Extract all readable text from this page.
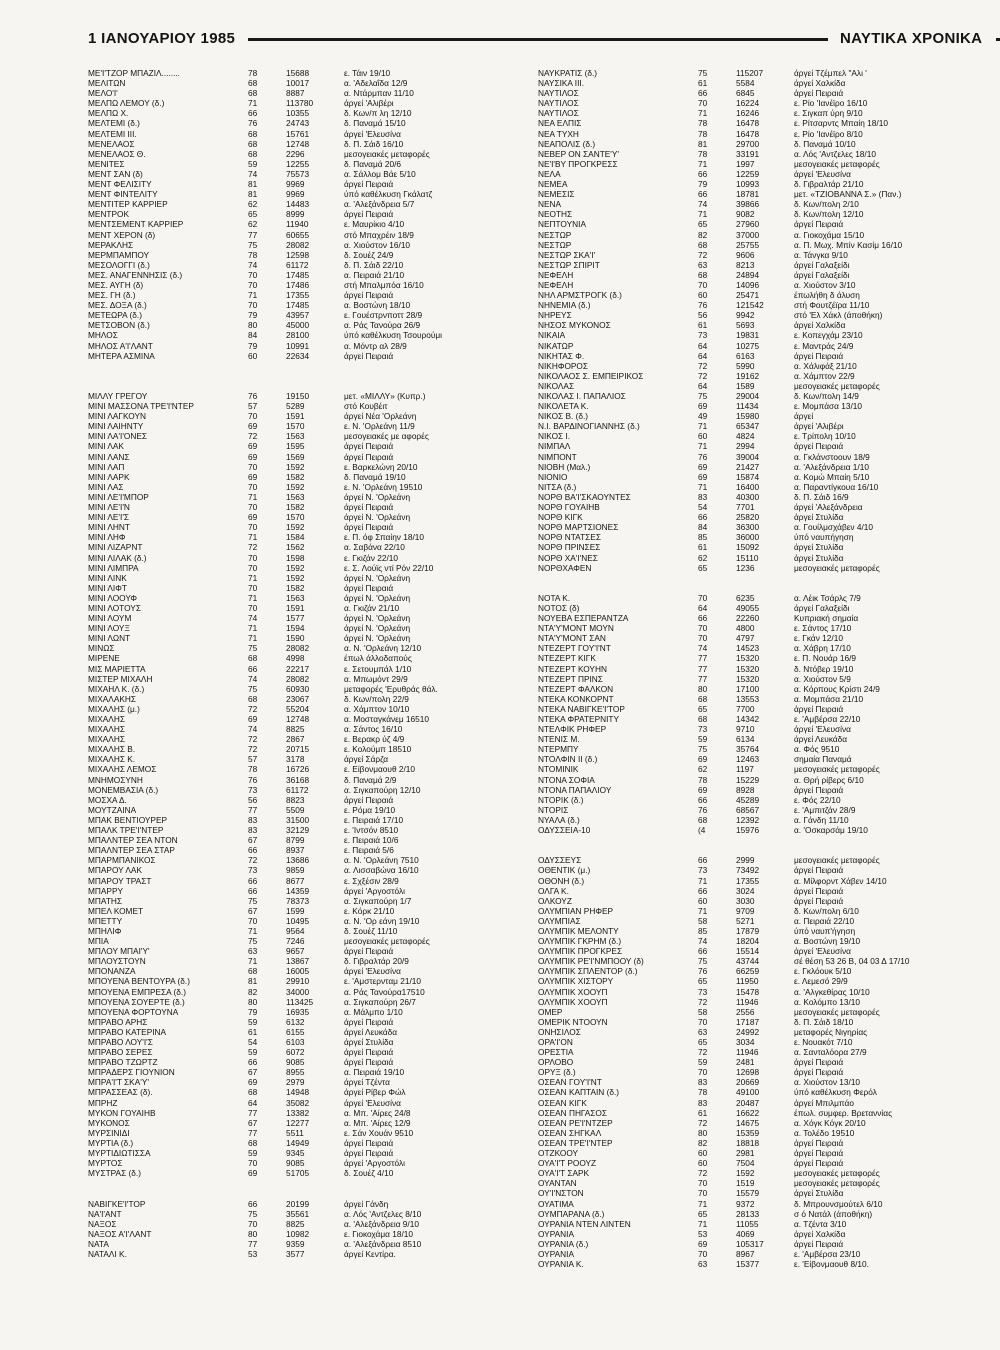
1 ΙΑΝΟΥΑΡΙΟΥ 1985	ΝΑΥΤΙΚΑ ΧΡΟΝΙΚΑ
ΜΕ'Ι'ΤΖΟΡ ΜΠΑΖΙΛ........	78	15688	ε. Τάιν 19/10
ΜΕΛΙΤΩΝ	68	10017	α. 'Αδελαΐδα 12/9
ΜΕΛΟ'Ι'	68	8887	α. Ντάρμπαν 11/10
ΜΕΛΠΩ ΛΕΜΟΥ (δ.)	71	113780	άργεί 'Αλιβέρι
ΜΕΛΠΩ Χ.	66	10355	δ. Κων/π λη 12/10
ΜΕΛΤΕΜΙ (δ.)	76	24743	δ. Παναμά 15/10
ΜΕΛΤΕΜΙ ΙΙΙ.	68	15761	άργεί 'Ελευσίνα
ΜΕΝΕΛΑΟΣ	68	12748	δ. Π. Σάιδ 16/10
ΜΕΝΕΛΑΟΣ Θ.	68	2296	μεσογειακές μεταφορές
ΜΕΝΙΤΕΣ	59	12255	δ. Παναμά 20/6
ΜΕΝΤ ΣΑΝ (δ)	74	75573	α. Σάλλομ Βάε 5/10
ΜΕΝΤ ΦΕΛΙΣΙΤΥ	81	9969	άργεί Πειραιά
ΜΕΝΤ ΦΙΝΤΕΛΙΤΥ	81	9969	ύπό καθέλκυση Γκάλατζ
ΜΕΝΤΙΤΕΡ ΚΑΡΡΙΕΡ	62	14483	α. 'Αλεξάνδρεια 5/7
ΜΕΝΤΡΟΚ	65	8999	άργεί Πειραιά
ΜΕΝΤΣΕΜΕΝΤ ΚΑΡΡΙΕΡ	62	11940	ε. Μαυρίκιο 4/10
ΜΕΝΤ ΧΕΡΟΝ (δ)	77	60655	στό Μπαχρέιν 18/9
ΜΕΡΑΚΛΗΣ	75	28082	α. Χιούστον 16/10
ΜΕΡΜΠΑΜΠΟΥ	78	12598	δ. Σουέζ 24/9
ΜΕΣΟΛΟΓΓΙ (δ.)	74	61172	δ. Π. Σάιδ 22/10
ΜΕΣ. ΑΝΑΓΕΝΝΗΣΙΣ (δ.)	70	17485	α. Πειραιά 21/10
ΜΕΣ. ΑΥΓΗ (δ)	70	17486	στή Μπαλμπόα 16/10
ΜΕΣ. ΓΗ (δ.)	71	17355	άργεί Πειραιά
ΜΕΣ. ΔΟΞΑ (δ.)	70	17485	α. Βοστώνη 18/10
ΜΕΤΕΩΡΑ (δ.)	79	43957	ε. Γουέστρνποττ 28/9
ΜΕΤΣΟΒΟΝ (δ.)	80	45000	α. Ράς Τανούρα 26/9
ΜΗΛΟΣ	84	28100	ύπό καθέλκυση Τσουρούμι
ΜΗΛΟΣ Α'Ι'ΛΑΝΤ	79	10991	α. Μόντρ αλ 28/9
ΜΗΤΕΡΑ ΑΣΜΙΝΑ	60	22634	άργεί Πειραιά
ΜΙΛΛΥ ΓΡΕΓΟΥ	76	19150	μετ. «ΜΙΛΛΥ» (Κυπρ.)
ΜΙΝΙ ΜΑΣΣΟΝΑ ΤΡΕ'Ι'ΝΤΕΡ	57	5289	στό Κουβέιτ
ΜΙΝΙ ΛΑΓΚΟΥΝ	70	1591	άργεί Νέα 'Ορλεάνη
ΜΙΝΙ ΛΑΙΗΝΤΥ	69	1570	ε. Ν. 'Ορλεάνη 11/9
ΜΙΝΙ ΛΑ'Ι'ΟΝΕΣ	72	1563	μεσογειακές με αφορές
ΜΙΝΙ ΛΑΚ	69	1595	άργεί Πειραιά
ΜΙΝΙ ΛΑΝΣ	69	1569	άργεί Πειραιά
ΜΙΝΙ ΛΑΠ	70	1592	ε. Βαρκελώνη 20/10
ΜΙΝΙ ΛΑΡΚ	69	1582	δ. Παναμά 19/10
ΜΙΝΙ ΛΑΣ	70	1592	ε. Ν. 'Ορλεάνη 19510
ΜΙΝΙ ΛΕ'Ι'ΜΠΟΡ	71	1563	άργεί Ν. 'Ορλεάνη
ΜΙΝΙ ΛΕ'Ι'Ν	70	1582	άργεί Πειραιά
ΜΙΝΙ ΛΕ'Ι'Σ	69	1570	άργεί Ν. 'Ορλεάνη
ΜΙΝΙ ΛΗΝΤ	70	1592	άργεί Πειραιά
ΜΙΝΙ ΛΗΦ	71	1584	ε. Π. όφ Σπαίην 18/10
ΜΙΝΙ ΛΙΖΑΡΝΤ	72	1562	α. Σαβάνα 22/10
ΜΙΝΙ ΛΙΛΑΚ (δ.)	70	1598	ε. Γκιζάν 22/10
ΜΙΝΙ ΛΙΜΠΡΑ	70	1592	ε. Σ. Λούϊς ντί Ρόν 22/10
ΜΙΝΙ ΛΙΝΚ	71	1592	άργεί Ν. 'Ορλεάνη
ΜΙΝΙ ΛΙΦΤ	70	1582	άργεί Πειραιά
ΜΙΝΙ ΛΟΟΥΦ	71	1563	άργεί Ν. 'Ορλεάνη
ΜΙΝΙ ΛΟΤΟΥΣ	70	1591	α. Γκιζάν 21/10
ΜΙΝΙ ΛΟΥΜ	74	1577	άργεί Ν. 'Ορλεάνη
ΜΙΝΙ ΛΟΥΞ	71	1594	άργεί Ν. 'Ορλεάνη
ΜΙΝΙ ΛΩΝΤ	71	1590	άργεί Ν. 'Ορλεάνη
ΜΙΝΩΣ	75	28082	α. Ν. 'Ορλεάνη 12/10
ΜΙΡΕΝΕ	68	4998	έπωλ άλλοδαπούς
ΜΙΣ ΜΑΡΙΕΤΤΑ	66	22217	ε. Σετουμπάλ 1/10
ΜΙΣΤΕΡ ΜΙΧΑΛΗ	74	28082	α. Μπωμόντ 29/9
ΜΙΧΑΗΛ Κ. (δ.)	75	60930	μεταφορές 'Ερυθράς θάλ.
ΜΙΧΑΛΑΚΗΣ	68	23067	δ. Κων/πολη 22/9
ΜΙΧΑΛΗΣ (μ.)	72	55204	α. Χάμπτον 10/10
ΜΙΧΑΛΗΣ	69	12748	α. Μοσταγκάνεμ 16510
ΜΙΧΑΛΗΣ	74	8825	α. Σάντος 16/10
ΜΙΧΑΛΗΣ	72	2867	ε. Βερακρ ύζ 4/9
ΜΙΧΑΛΗΣ Β.	72	20715	ε. Κολούμπ 18510
ΜΙΧΑΛΗΣ Κ.	57	3178	άργεί Σάρζα
ΜΙΧΑΛΗΣ ΛΕΜΟΣ	78	16726	ε. Είβονμαουθ 2/10
ΜΝΗΜΟΣΥΝΗ	76	36168	δ. Παναμά 2/9
ΜΟΝΕΜΒΑΣΙΑ (δ.)	73	61172	α. Σιγκαπούρη 12/10
ΜΟΣΧΑ Δ.	56	8823	άργεί Πειραιά
ΜΟΥΤΖΑΙΝΑ	77	5509	ε. Ρόμα 19/10
ΜΠΑΚ ΒΕΝΤΙΟΥΡΕΡ	83	31500	ε. Πειραιά 17/10
ΜΠΑΛΚ ΤΡΕ'Ι'ΝΤΕΡ	83	32129	ε. 'Ιντσόν 8510
ΜΠΑΛΝΤΕΡ ΣΕΑ ΝΤΟΝ	67	8799	ε. Πειραιά 10/6
ΜΠΑΛΝΤΕΡ ΣΕΑ ΣΤΑΡ	66	8937	ε. Πειραιά 5/6
ΜΠΑΡΜΠΑΝΙΚΟΣ	72	13686	α. Ν. 'Ορλεάνη 7510
ΜΠΑΡΟΥ ΛΑΚ	73	9859	α. Λισσαβώνα 16/10
ΜΠΑΡΟΥ ΤΡΑΣΤ	66	8677	ε. Σχξέσιν 28/9
ΜΠΑΡΡΥ	66	14359	άργεί 'Αργοστόλι
ΜΠΑΤΗΣ	75	78373	α. Σιγκαπούρη 1/7
ΜΠΕΛ ΚΟΜΕΤ	67	1599	ε. Κόρκ 21/10
ΜΠΕΤΤΥ	70	10495	α. Ν. 'Ορ εάνη 19/10
ΜΠΗΛΙΦ	71	9564	δ. Σουέζ 11/10
ΜΠΙΑ	75	7246	μεσογειακές μεταφορές
ΜΠΛΟΥ ΜΠΑΙ'Υ'	63	9657	άργεί Πειραιά
ΜΠΛΟΥΣΤΟΥΝ	71	13867	δ. Γιβραλτάρ 20/9
ΜΠΟΝΑΝΖΑ	68	16005	άργεί 'Ελευσίνα
ΜΠΟΥΕΝΑ ΒΕΝΤΟΥΡΑ (δ.)	81	29910	ε. 'Αμστερνταμ 21/10
ΜΠΟΥΕΝΑ ΕΜΠΡΕΣΑ (δ.)	82	34000	α. Ράς Τανούρα17510
ΜΠΟΥΕΝΑ ΣΟΥΕΡΤΕ (δ.)	80	113425	α. Σιγκαπούρη 26/7
ΜΠΟΥΕΝΑ ΦΟΡΤΟΥΝΑ	79	16935	α. Μάλμπο 1/10
ΜΠΡΑΒΟ ΑΡΗΣ	59	6132	άργεί Πειραιά
ΜΠΡΑΒΟ ΚΑΤΕΡΙΝΑ	61	6155	άργεί Λευκάδα
ΜΠΡΑΒΟ ΛΟΥ'Ι'Σ	54	6103	άργεί Στυλίδα
ΜΠΡΑΒΟ ΣΕΡΕΣ	59	6072	άργεί Πειραιά
ΜΠΡΑΒΟ ΤΖΩΡΤΖ	66	9085	άργεί Πειραιά
ΜΠΡΑΔΕΡΣ ΓΙΟΥΝΙΟΝ	67	8955	α. Πειραιά 19/10
ΜΠΡΑ'Ι'Τ ΣΚΑ'Υ'	69	2979	άργεί Τζέντα
ΜΠΡΑΣΣΕΑΣ (δ).	68	14948	άργεί Ρίβερ Φώλ
ΜΠΡΗΖ	64	35082	άργεί 'Ελευσίνα
ΜΥΚΟΝ ΓΟΥΑΙΗΒ	77	13382	α. Μπ. 'Αίρες 24/8
ΜΥΚΟΝΟΣ	67	12277	α. Μπ. 'Αίρες 12/9
ΜΥΡΣΙΝΙΔΙ	77	5511	ε. Σάν Χουάν 9510
ΜΥΡΤΙΑ (δ.)	68	14949	άργεί Πειραιά
ΜΥΡΤΙΔΙΩΤΙΣΣΑ	59	9345	άργεί Πειραιά
ΜΥΡΤΟΣ	70	9085	άργεί 'Αργοστόλι
ΜΥΣΤΡΑΣ (δ.)	69	51705	δ. Σουέζ 4/10
ΝΑΒΙΓΚΕ'Ι'ΤΟΡ	66	20199	άργεί Γάνδη
ΝΑ'Ι'ΑΝΤ	75	35561	α. Λός 'Αντζελες 8/10
ΝΑΞΟΣ	70	8825	α. 'Αλεξάνδρεια 9/10
ΝΑΞΟΣ Α'Ι'ΛΑΝΤ	80	10982	ε. Γιοκοχάμα 18/10
ΝΑΤΑ	77	9359	α. 'Αλεξάνδρεια 8510
ΝΑΤΑΛΙ Κ.	53	3577	άργεί Κεντίρα.
ΝΑΥΚΡΑΤΙΣ (δ.)	75	115207	άργεί Τζέμπελ "Αλι '
ΝΑΥΣΙΚΑ ΙΙΙ.	61	5584	άργεί Χαλκίδα
ΝΑΥΤΙΛΟΣ	66	6845	άργεί Πειραιά
ΝΑΥΤΙΛΟΣ	70	16224	ε. Ρίο 'Ιανέϊρο 16/10
ΝΑΥΤΙΛΟΣ	71	16246	ε. Σιγκαπ ύρη 9/10
ΝΕΑ ΕΛΠΙΣ	78	16478	ε. Ρίτσαρντς Μπαίη 18/10
ΝΕΑ ΤΥΧΗ	78	16478	ε. Ρίο 'Ιανέϊρο 8/10
ΝΕΑΠΟΛΙΣ (δ.)	81	29700	δ. Παναμά 10/10
ΝΕΒΕΡ ΟΝ ΣΑΝΤΕ'Υ'	78	33191	α. Λός 'Αντζελες 18/10
ΝΕ'Ι'ΒΥ ΠΡΟΓΚΡΕΣΣ	71	1997	μεσογειακές μεταφορές
ΝΕΛΑ	66	12259	άργεί 'Ελευσίνα
ΝΕΜΕΑ	79	10993	δ. Γιβραλτάρ 21/10
ΝΕΜΕΣΙΣ	66	18781	μετ. «ΤΖΙΟΒΑΝΝΑ Σ.» (Παν.)
ΝΕΝΑ	74	39866	δ. Κων/πολη 2/10
ΝΕΟΤΗΣ	71	9082	δ. Κων/πολη 12/10
ΝΕΠΤΟΥΝΙΑ	65	27960	άργεί Πειραιά
ΝΕΣΤΩΡ	82	37000	α. Γιοκοχάμα 15/10
ΝΕΣΤΩΡ	68	25755	α. Π. Μωχ. Μπίν Κασίμ 16/10
ΝΕΣΤΩΡ ΣΚΑ'Ι'	72	9606	α. Τάνγκα 9/10
ΝΕΣΤΩΡ ΣΠΙΡΙΤ	63	8213	άργεί Γαλαξείδι
ΝΕΦΕΛΗ	68	24894	άργεί Γαλαξείδι
ΝΕΦΕΛΗ	70	14096	α. Χιούστον 3/10
ΝΗΛ ΑΡΜΣΤΡΟΓΚ (δ.)	60	25471	έπωλήθη δ άλυση
ΝΗΝΕΜΙΑ (δ.)	76	121542	στή Φουτζέϊρα 11/10
ΝΗΡΕΥΣ	56	9942	στό 'Ελ Χάκλ (άποθήκη)
ΝΗΣΟΣ ΜΥΚΟΝΟΣ	61	5693	άργεί Χαλκίδα
ΝΙΚΑΙΑ	73	19831	ε. Κοπεγχάμ 23/10
ΝΙΚΑΤΩΡ	64	10275	ε. Μαντράς 24/9
ΝΙΚΗΤΑΣ Φ.	64	6163	άργεί Πειραιά
ΝΙΚΗΦΟΡΟΣ	72	5990	α. Χάλιφάξ 21/10
ΝΙΚΟΛΑΟΣ Σ. ΕΜΠΕΙΡΙΚΟΣ	72	19162	α. Χάμπτον 22/9
ΝΙΚΟΛΑΣ	64	1589	μεσογειακές μεταφορές
ΝΙΚΟΛΑΣ Ι. ΠΑΠΑΛΙΟΣ	75	29004	δ. Κων/πολη 14/9
ΝΙΚΟΛΕΤΑ Κ.	69	11434	ε. Μομπάσα 13/10
ΝΙΚΟΣ Β. (δ.)	49	15980	άργεί
Ν.Ι. ΒΑΡΔΙΝΟΓΙΑΝΝΗΣ (δ.)	71	65347	άργεί 'Αλιβέρι
ΝΙΚΟΣ Ι.	60	4824	ε. Τρίπολη 10/10
ΝΙΜΠΑΛ	71	2994	άργεί Πειραιά
ΝΙΜΠΟΝΤ	76	39004	α. Γκλάνστοουν 18/9
ΝΙΟΒΗ (Μαλ.)	69	21427	α. 'Αλεξάνδρεια 1/10
ΝΙΟΝΙΟ	69	15874	α. Κομώ Μπαίη 5/10
ΝΙΤΣΑ (δ.)	71	16400	α. Παραντίγκουα 16/10
ΝΟΡΘ ΒΑ'Ι'ΣΚΑΟΥΝΤΕΣ	83	40300	δ. Π. Σάιδ 16/9
ΝΟΡΘ ΓΟΥΑΙΗΒ	54	7701	άργεί 'Αλεξάνδρεια
ΝΟΡΘ ΚΙΓΚ	66	25820	άργεί Στυλίδα
ΝΟΡΘ ΜΑΡΤΣΙΟΝΕΣ	84	36300	α. Γουίλμσχάβεν 4/10
ΝΟΡΘ ΝΤΑΤΣΕΣ	85	36000	ύπό ναυπήγηση
ΝΟΡΘ ΠΡΙΝΣΕΣ	61	15092	άργεί Στυλίδα
ΝΟΡΘ ΧΑ'Ι'ΝΕΣ	62	15110	άργεί Στυλίδα
ΝΟΡΘΧΑΦΕΝ	65	1236	μεσογειακές μεταφορές
ΝΟΤΑ Κ.	70	6235	α. Λέικ Τσάρλς 7/9
ΝΟΤΟΣ (δ)	64	49055	άργεί Γαλαξείδι
ΝΟΥΕΒΑ ΕΣΠΕΡΑΝΤΖΑ	66	22260	Κυπριακή σημαία
ΝΤΑ'Υ'ΜΟΝΤ ΜΟΥΝ	70	4800	ε. Σάντος 17/10
ΝΤΑ'Υ'ΜΟΝΤ ΣΑΝ	70	4797	ε. Γκάν 12/10
ΝΤΕΖΕΡΤ ΓΟΥ'Ι'ΝΤ	74	14523	α. Χάβρη 17/10
ΝΤΕΖΕΡΤ ΚΙΓΚ	77	15320	ε. Π. Νουάρ 16/9
ΝΤΕΖΕΡΤ ΚΟΥΗΝ	77	15320	δ. Ντόβερ 19/10
ΝΤΕΖΕΡΤ ΠΡΙΝΣ	77	15320	α. Χιούστον 5/9
ΝΤΕΖΕΡΤ ΦΑΛΚΟΝ	80	17100	α. Κόρπους Κρίστι 24/9
ΝΤΕΚΑ ΚΟΝΚΟΡΝΤ	68	13553	α. Μομπάσα 21/10
ΝΤΕΚΑ ΝΑΒΙΓΚΕ'Ι'ΤΟΡ	65	7700	άργεί Πειραιά
ΝΤΕΚΑ ΦΡΑΤΕΡΝΙΤΥ	68	14342	ε. 'Αμβέρσα 22/10
ΝΤΕΛΦΙΚ ΡΗΦΕΡ	73	9710	άργεί 'Ελευσίνα
ΝΤΕΝΙΣ Μ.	59	6134	άργεί Λευκάδα
ΝΤΕΡΜΠΥ	75	35764	α. Φός 9510
ΝΤΟΛΦΙΝ ΙΙ (δ.)	69	12463	σημαία Παναμά
ΝΤΟΜΙΝΙΚ	62	1197	μεσογειακές μεταφορές
ΝΤΟΝΑ ΣΟΦΙΑ	78	15229	α. Θρή ρίβερς 6/10
ΝΤΟΝΑ ΠΑΠΑΛΙΟΥ	69	8928	άργεί Πειραιά
ΝΤΟΡΙΚ (δ.)	66	45289	ε. Φός 22/10
ΝΤΟΡΙΣ	76	68567	ε. 'Αμπιτζάν 28/9
ΝΥΑΛΑ (δ.)	68	12392	α. Γάνδη 11/10
ΟΔΥΣΣΕΙΑ-10	(4	15976	α. 'Οσκαρσάμ 19/10
ΟΔΥΣΣΕΥΣ	66	2999	μεσογειακές μεταφορές
ΟΘΕΝΤΙΚ (μ.)	73	73492	άργεί Πειραιά
ΟΘΟΝΗ (δ.)	71	17355	α. Μίλφορντ Χάβεν 14/10
ΟΛΓΑ Κ.	66	3024	άργεί Πειραιά
ΟΛΚΟΥΖ	60	3030	άργεί Πειραιά
ΟΛΥΜΠΙΑΝ ΡΗΦΕΡ	71	9709	δ. Κων/πολη 6/10
ΟΛΥΜΠΙΑΣ	58	5271	α. Πειραιά 22/10
ΟΛΥΜΠΙΚ ΜΕΛΟΝΤΥ	85	17879	ύπό ναυπ'ήγηση
ΟΛΥΜΠΙΚ ΓΚΡΗΜ (δ.)	74	18204	α. Βοστώνη 19/10
ΟΛΥΜΠΙΚ ΠΡΟΓΚΡΕΣ	66	15514	άργεί 'Ελευσίνα
ΟΛΥΜΠΙΚ ΡΕ'Ι'ΝΜΠΟΟΥ (δ)	75	43744	σέ θέση 53 26 Β, 04 03 Δ 17/10
ΟΛΥΜΠΙΚ ΣΠΛΕΝΤΟΡ (δ.)	76	66259	ε. Γκλόουκ 5/10
ΟΛΥΜΠΙΚ ΧΙΣΤΟΡΥ	65	11950	ε. Λεμεσό 29/9
ΟΛΥΜΠΙΚ ΧΟΟΥΠ	73	15478	α. 'Αλγκεθίρας 10/10
ΟΛΥΜΠΙΚ ΧΟΟΥΠ	72	11946	α. Κολόμπο 13/10
ΟΜΕΡ	58	2556	μεσογειακές μεταφορές
ΟΜΕΡΙΚ ΝΤΟΟΥΝ	70	17187	δ. Π. Σάιδ 18/10
ΟΝΗΣΙΛΟΣ	63	24992	μεταφορές Νιγηρίας
ΟΡΑ'Ι'ΟΝ	65	3034	ε. Νουακότ 7/10
ΟΡΕΣΤΙΑ	72	11946	α. Σανταλόορα 27/9
ΟΡΛΟΒΟ	59	2481	άργεί Πειραιά
ΟΡΥΞ (δ.)	70	12698	άργεί Πειραιά
ΟΣΕΑΝ ΓΟΥ'Ι'ΝΤ	83	20669	α. Χιούστον 13/10
ΟΣΕΑΝ ΚΑΠΤΑΙΝ (δ.)	78	49100	ύπό καθέλκυση Φερόλ
ΟΣΕΑΝ ΚΙΓΚ	83	20487	άργεί Μπιλμπάο
ΟΣΕΑΝ ΠΗΓΑΣΟΣ	61	16622	έπωλ. συμφερ. Βρεταννίας
ΟΣΕΑΝ ΡΕ'Ι'ΝΤΖΕΡ	72	14675	α. Χόγκ Κόγκ 20/10
ΟΣΕΑΝ ΣΗΓΚΑΛ	80	15359	α. Τολέδο 19510
ΟΣΕΑΝ ΤΡΕ'Ι'ΝΤΕΡ	82	18818	άργεί Πειραιά
ΟΤΖΚΟΟΥ	60	2981	άργεί Πειραιά
ΟΥΑ'Ι'Τ ΡΟΟΥΖ	60	7504	άργεί Πειραιά
ΟΥΑ'Ι'Τ ΣΑΡΚ	72	1592	μεσογειακές μεταφορές
ΟΥΑΝΤΑΝ	70	1519	μεσογειακές μεταφορές
ΟΥ'Ι'ΝΣΤΟΝ	70	15579	άργεί Στυλίδα
ΟΥΑΤΙΜΑ	71	9372	δ. Μπρουνσμούτελ 6/10
ΟΥΜΠΑΡΑΝΑ (δ.)	65	28133	σ ό Νατάλ (άποθήκη)
ΟΥΡΑΝΙΑ ΝΤΕΝ ΛΙΝΤΕΝ	71	11055	α. Τζέντα 3/10
ΟΥΡΑΝΙΑ	53	4069	άργεί Χαλκίδα
ΟΥΡΑΝΙΑ (δ.)	69	105317	άργεί Πειραιά
ΟΥΡΑΝΙΑ	70	8967	ε. 'Αμβέρσα 23/10
ΟΥΡΑΝΙΑ Κ.	63	15377	ε. 'Είβονμαουθ 8/10.
